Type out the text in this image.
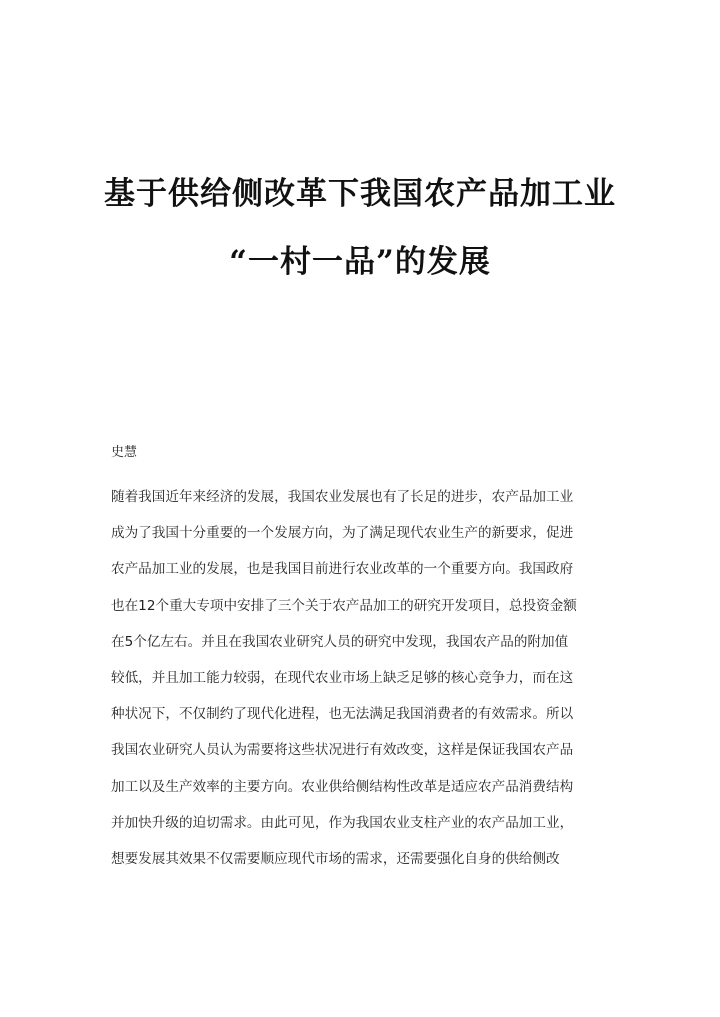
基于供给侧改革下我国农产品加工业
“一村一品”的发展
史慧
随着我国近年来经济的发展，我国农业发展也有了长足的进步，农产品加工业
成为了我国十分重要的一个发展方向，为了满足现代农业生产的新要求，促进
农产品加工业的发展，也是我国目前进行农业改革的一个重要方向。我国政府
也在12个重大专项中安排了三个关于农产品加工的研究开发项目，总投资金额
在5个亿左右。并且在我国农业研究人员的研究中发现，我国农产品的附加值
较低，并且加工能力较弱，在现代农业市场上缺乏足够的核心竞争力，而在这
种状况下，不仅制约了现代化进程，也无法满足我国消费者的有效需求。所以
我国农业研究人员认为需要将这些状况进行有效改变，这样是保证我国农产品
加工以及生产效率的主要方向。农业供给侧结构性改革是适应农产品消费结构
并加快升级的迫切需求。由此可见，作为我国农业支柱产业的农产品加工业，
想要发展其效果不仅需要顺应现代市场的需求，还需要强化自身的供给侧改
